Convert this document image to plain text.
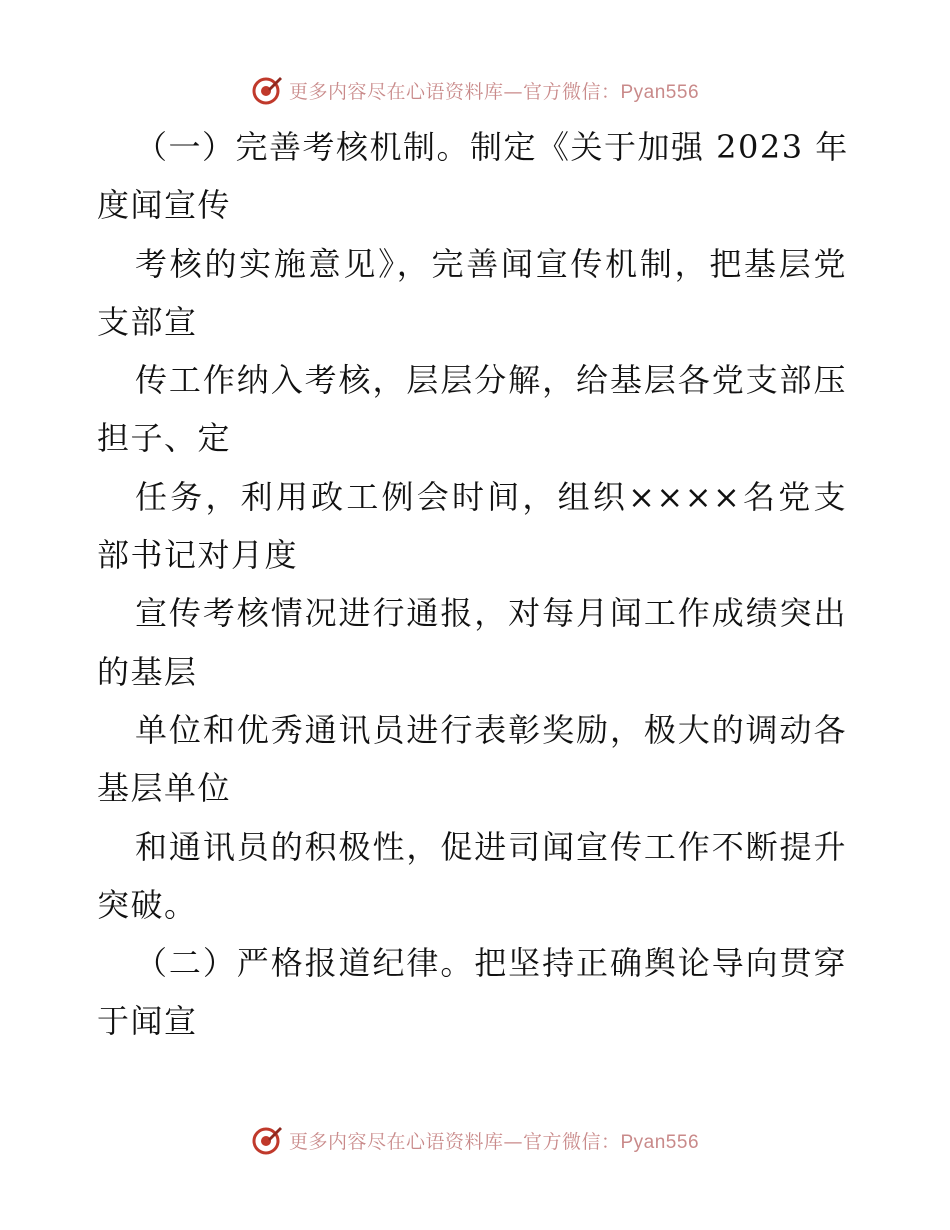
更多内容尽在心语资料库—官方微信：Pyan556
（一）完善考核机制。制定《关于加强 2023 年
度闻宣传
考核的实施意见》，完善闻宣传机制，把基层党
支部宣
传工作纳入考核，层层分解，给基层各党支部压
担子、定
任务，利用政工例会时间，组织××××名党支
部书记对月度
宣传考核情况进行通报，对每月闻工作成绩突出
的基层
单位和优秀通讯员进行表彰奖励，极大的调动各
基层单位
和通讯员的积极性，促进司闻宣传工作不断提升
突破。
（二）严格报道纪律。把坚持正确舆论导向贯穿
于闻宣
更多内容尽在心语资料库—官方微信：Pyan556
